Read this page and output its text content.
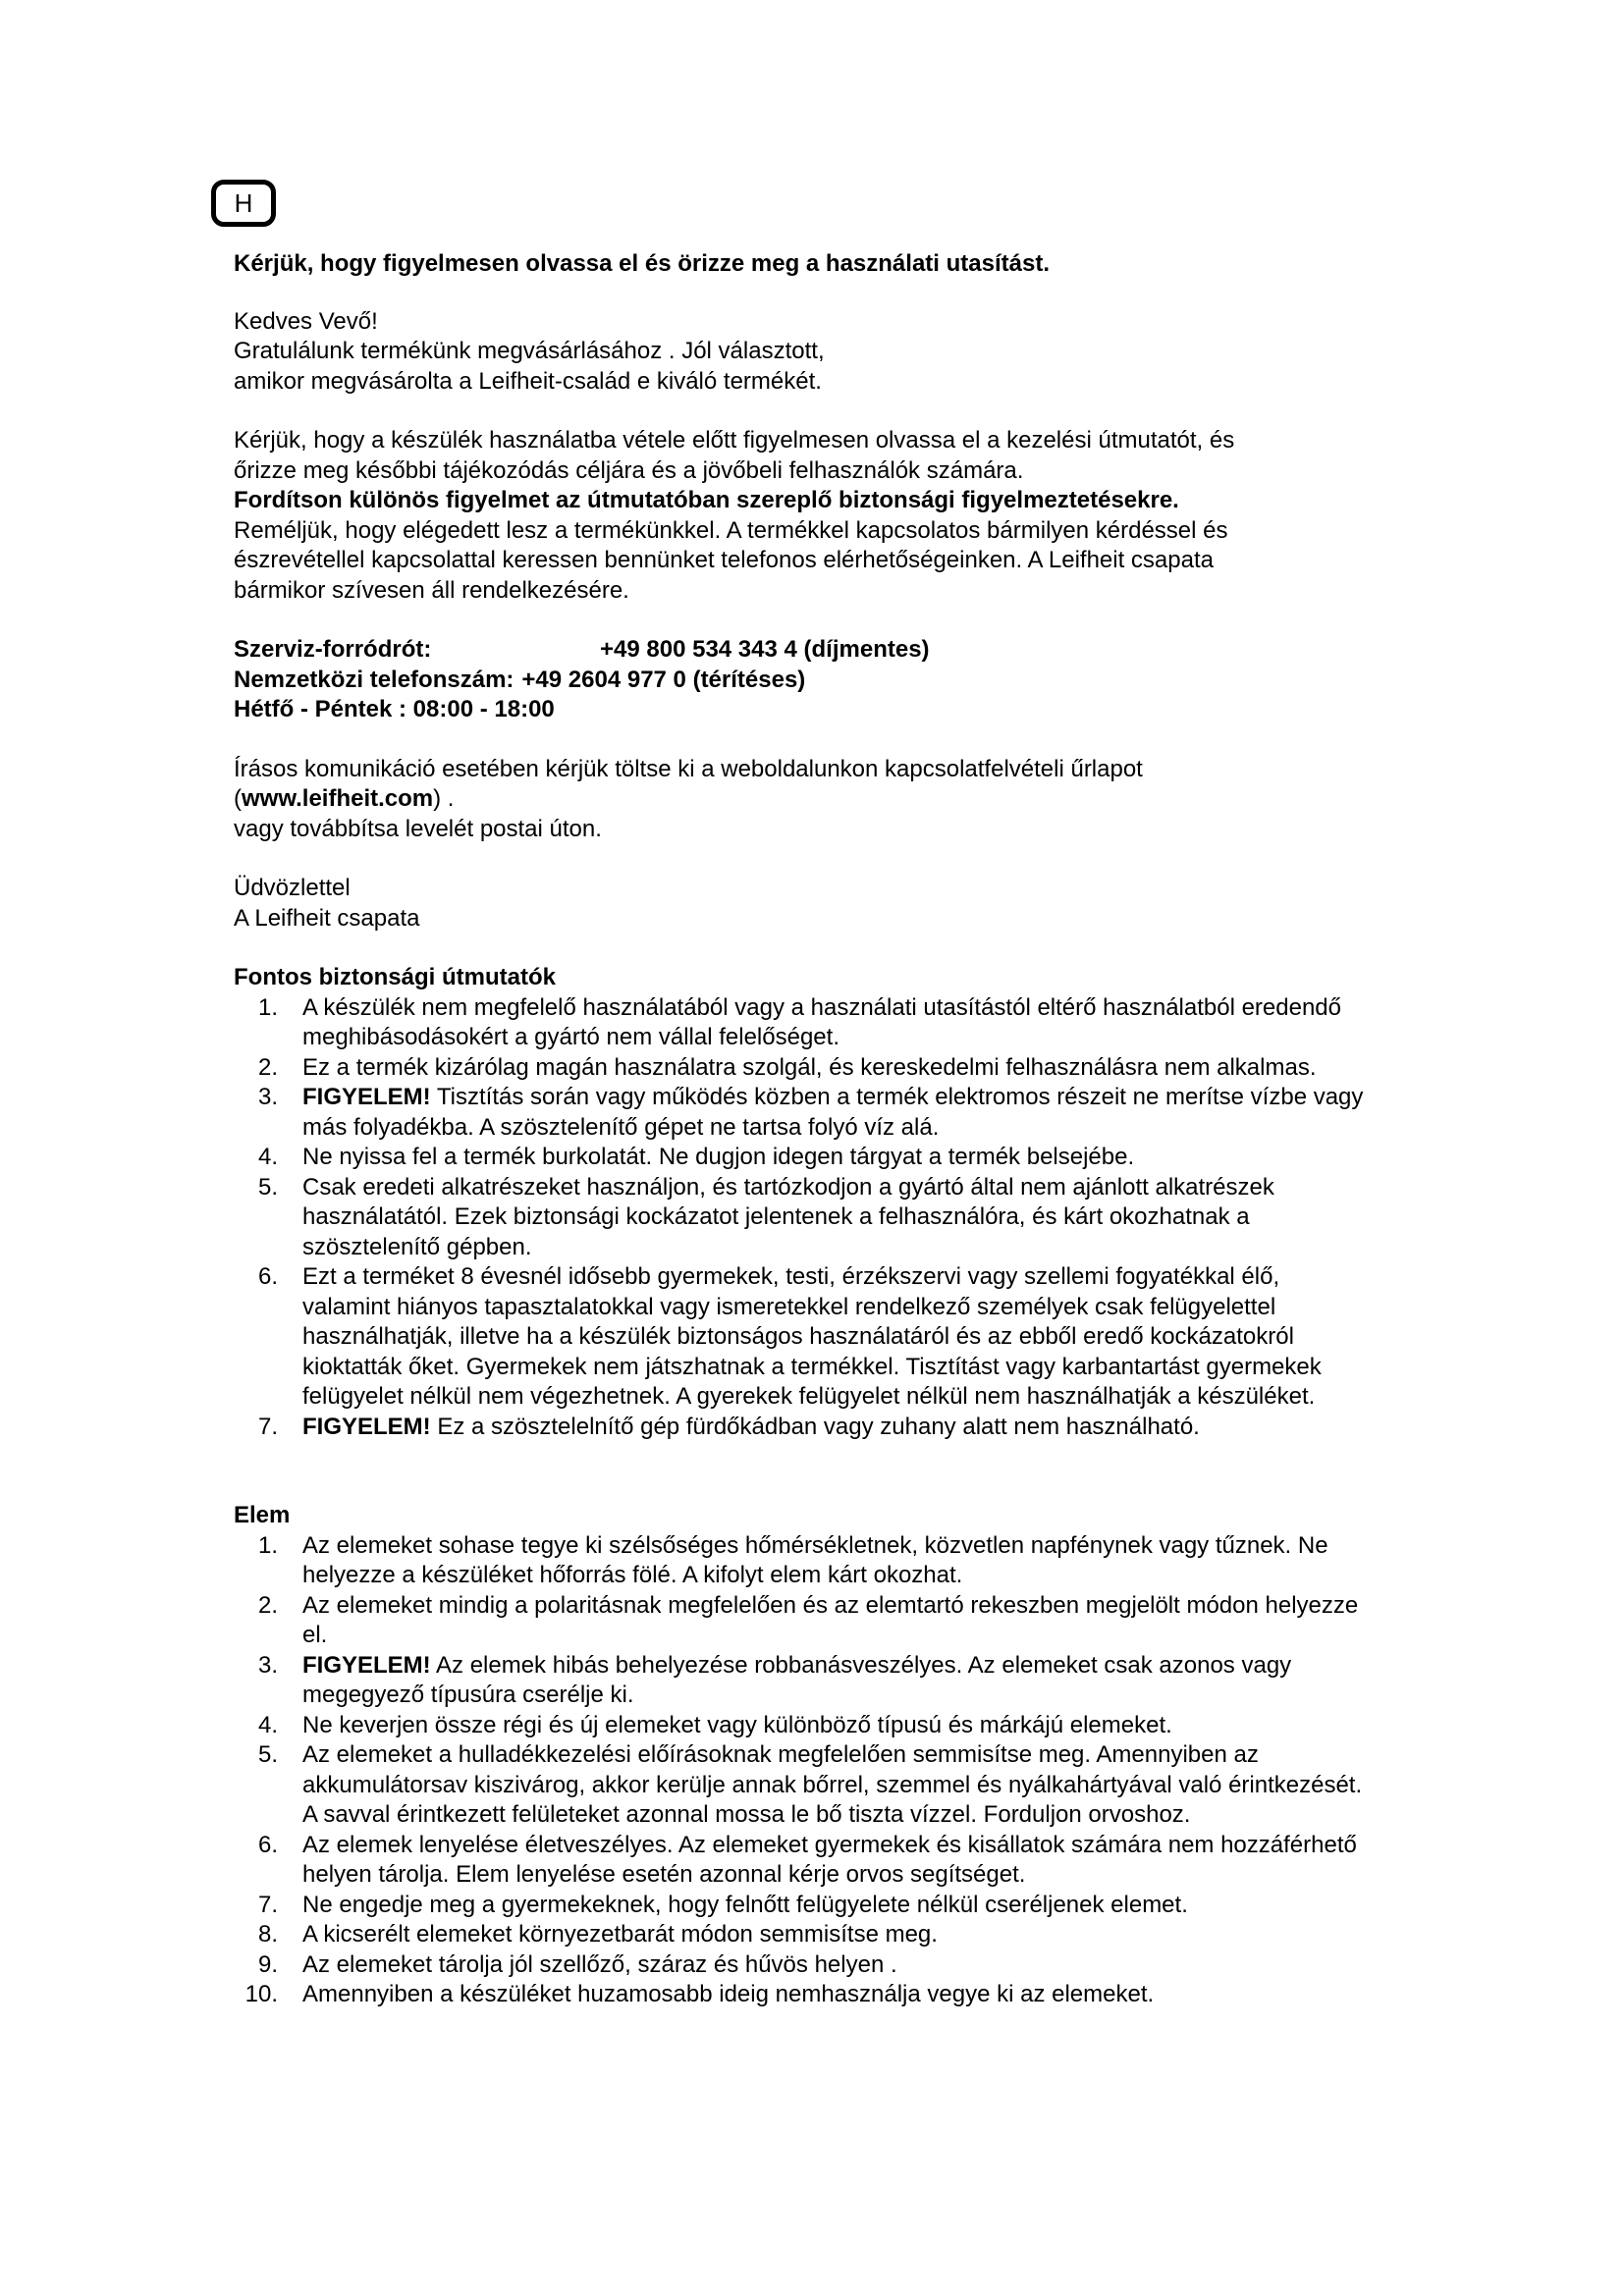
H

Kérjük, hogy figyelmesen olvassa el és örizze meg a használati utasítást.

Kedves Vevő!

Gratulálunk termékünk megvásárlásához . Jól választott,

amikor megvásárolta a Leifheit-család e kiváló termékét.

Kérjük, hogy a készülék használatba vétele előtt figyelmesen olvassa el a kezelési útmutatót, és

őrizze meg későbbi tájékozódás céljára és a jövőbeli felhasználók számára.

Fordítson különös figyelmet az útmutatóban szereplő biztonsági figyelmeztetésekre.

Reméljük, hogy elégedett lesz a termékünkkel. A termékkel kapcsolatos bármilyen kérdéssel és

észrevétellel kapcsolattal keressen bennünket telefonos elérhetőségeinken. A Leifheit csapata

bármikor szívesen áll rendelkezésére.

Szerviz-forródrót:	+49 800 534 343 4 (díjmentes)
Nemzetközi telefonszám: +49 2604 977 0 (térítéses)

Hétfő - Péntek : 08:00 - 18:00

Írásos komunikáció esetében kérjük töltse ki a weboldalunkon kapcsolatfelvételi űrlapot

(www.leifheit.com) .

vagy továbbítsa levelét postai úton.

Üdvözlettel

A Leifheit csapata

Fontos biztonsági útmutatók

1.	A készülék nem megfelelő használatából vagy a használati utasítástól eltérő használatból eredendő meghibásodásokért a gyártó nem vállal felelőséget.
2.	Ez a termék kizárólag magán használatra szolgál, és kereskedelmi felhasználásra nem alkalmas.
3.	FIGYELEM! Tisztítás során vagy működés közben a termék elektromos részeit ne merítse vízbe vagy más folyadékba. A szösztelenítő gépet ne tartsa folyó víz alá.
4.	Ne nyissa fel a termék burkolatát. Ne dugjon idegen tárgyat a termék belsejébe.
5.	Csak eredeti alkatrészeket használjon, és tartózkodjon a gyártó által nem ajánlott alkatrészek használatától. Ezek biztonsági kockázatot jelentenek a felhasználóra, és kárt okozhatnak a szösztelenítő gépben.
6.	Ezt a terméket 8 évesnél idősebb gyermekek, testi, érzékszervi vagy szellemi fogyatékkal élő, valamint hiányos tapasztalatokkal vagy ismeretekkel rendelkező személyek csak felügyelettel használhatják, illetve ha a készülék biztonságos használatáról és az ebből eredő kockázatokról kioktatták őket. Gyermekek nem játszhatnak a termékkel. Tisztítást vagy karbantartást gyermekek felügyelet nélkül nem végezhetnek. A gyerekek felügyelet nélkül nem használhatják a készüléket.
7.	FIGYELEM! Ez a szösztelelnítő gép fürdőkádban vagy zuhany alatt nem használható.

Elem

1.	Az elemeket sohase tegye ki szélsőséges hőmérsékletnek, közvetlen napfénynek vagy tűznek. Ne helyezze a készüléket hőforrás fölé. A kifolyt elem kárt okozhat.
2.	Az elemeket mindig a polaritásnak megfelelően és az elemtartó rekeszben megjelölt módon helyezze el.
3.	FIGYELEM! Az elemek hibás behelyezése robbanásveszélyes. Az elemeket csak azonos vagy megegyező típusúra cserélje ki.
4.	Ne keverjen össze régi és új elemeket vagy különböző típusú és márkájú elemeket.
5.	Az elemeket a hulladékkezelési előírásoknak megfelelően semmisítse meg. Amennyiben az akkumulátorsav kiszivárog, akkor kerülje annak bőrrel, szemmel és nyálkahártyával való érintkezését. A savval érintkezett felületeket azonnal mossa le bő tiszta vízzel. Forduljon orvoshoz.
6.	Az elemek lenyelése életveszélyes. Az elemeket gyermekek és kisállatok számára nem hozzáférhető helyen tárolja. Elem lenyelése esetén azonnal kérje orvos segítséget.
7.	Ne engedje meg a gyermekeknek, hogy felnőtt felügyelete nélkül cseréljenek elemet.
8.	A kicserélt elemeket környezetbarát módon semmisítse meg.
9.	Az elemeket tárolja jól szellőző, száraz és hűvös helyen .
10.	Amennyiben a készüléket huzamosabb ideig nemhasználja vegye ki az elemeket.
